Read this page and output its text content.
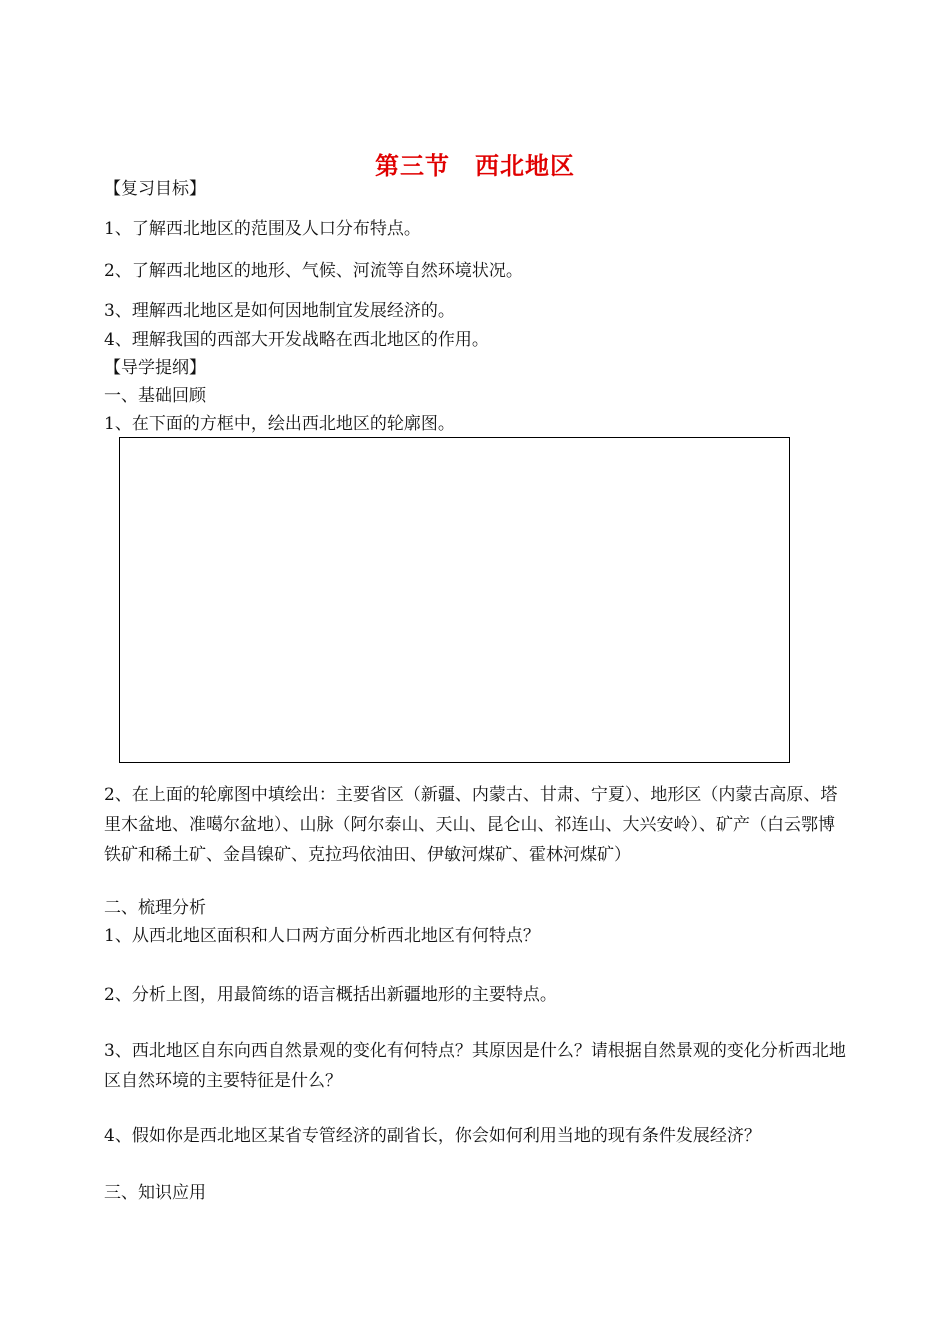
第三节　西北地区
【复习目标】
1、了解西北地区的范围及人口分布特点。
2、了解西北地区的地形、气候、河流等自然环境状况。
3、理解西北地区是如何因地制宜发展经济的。
4、理解我国的西部大开发战略在西北地区的作用。
【导学提纲】
一、基础回顾
1、在下面的方框中，绘出西北地区的轮廓图。
2、在上面的轮廓图中填绘出：主要省区（新疆、内蒙古、甘肃、宁夏）、地形区（内蒙古高原、塔里木盆地、准噶尔盆地）、山脉（阿尔泰山、天山、昆仑山、祁连山、大兴安岭）、矿产（白云鄂博铁矿和稀土矿、金昌镍矿、克拉玛依油田、伊敏河煤矿、霍林河煤矿）
二、梳理分析
1、从西北地区面积和人口两方面分析西北地区有何特点？
2、分析上图，用最简练的语言概括出新疆地形的主要特点。
3、西北地区自东向西自然景观的变化有何特点？其原因是什么？请根据自然景观的变化分析西北地区自然环境的主要特征是什么？
4、假如你是西北地区某省专管经济的副省长，你会如何利用当地的现有条件发展经济？
三、知识应用
